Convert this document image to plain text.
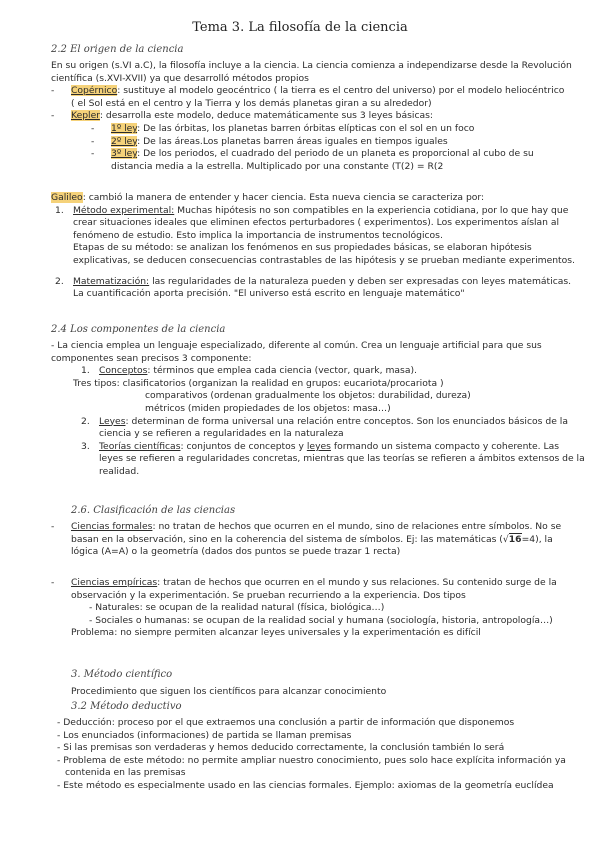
Tema 3. La filosofía de la ciencia
2.2 El origen de la ciencia
En su origen (s.VI a.C), la filosofía incluye a la ciencia. La ciencia comienza a independizarse desde la Revolución
científica (s.XVI-XVII) ya que desarrolló métodos propios
- Copérnico: sustituye al modelo geocéntrico ( la tierra es el centro del universo) por el modelo heliocéntrico
( el Sol está en el centro y la Tierra y los demás planetas giran a su alrededor)
- Kepler: desarrolla este modelo, deduce matemáticamente sus 3 leyes básicas:
- 1º ley: De las órbitas, los planetas barren órbitas elípticas con el sol en un foco
- 2º ley: De las áreas.Los planetas barren áreas iguales en tiempos iguales
- 3º ley: De los periodos, el cuadrado del periodo de un planeta es proporcional al cubo de su
distancia media a la estrella. Multiplicado por una constante (T(2) = R(2
Galileo: cambió la manera de entender y hacer ciencia. Esta nueva ciencia se caracteriza por:
1. Método experimental: Muchas hipótesis no son compatibles en la experiencia cotidiana, por lo que hay que
crear situaciones ideales que eliminen efectos perturbadores ( experimentos). Los experimentos aíslan al
fenómeno de estudio. Esto implica la importancia de instrumentos tecnológicos.
Etapas de su método: se analizan los fenómenos en sus propiedades básicas, se elaboran hipótesis
explicativas, se deducen consecuencias contrastables de las hipótesis y se prueban mediante experimentos.
2. Matematización: las regularidades de la naturaleza pueden y deben ser expresadas con leyes matemáticas.
La cuantificación aporta precisión. "El universo está escrito en lenguaje matemático"
2.4 Los componentes de la ciencia
- La ciencia emplea un lenguaje especializado, diferente al común. Crea un lenguaje artificial para que sus
componentes sean precisos 3 componente:
1. Conceptos: términos que emplea cada ciencia (vector, quark, masa).
Tres tipos: clasificatorios (organizan la realidad en grupos: eucariota/procariota )
comparativos (ordenan gradualmente los objetos: durabilidad, dureza)
métricos (miden propiedades de los objetos: masa…)
2. Leyes: determinan de forma universal una relación entre conceptos. Son los enunciados básicos de la
ciencia y se refieren a regularidades en la naturaleza
3. Teorías científicas: conjuntos de conceptos y leyes formando un sistema compacto y coherente. Las
leyes se refieren a regularidades concretas, mientras que las teorías se refieren a ámbitos extensos de la
realidad.
2.6. Clasificación de las ciencias
- Ciencias formales: no tratan de hechos que ocurren en el mundo, sino de relaciones entre símbolos. No se
basan en la observación, sino en la coherencia del sistema de símbolos. Ej: las matemáticas (√16=4), la
lógica (A=A) o la geometría (dados dos puntos se puede trazar 1 recta)
- Ciencias empíricas: tratan de hechos que ocurren en el mundo y sus relaciones. Su contenido surge de la
observación y la experimentación. Se prueban recurriendo a la experiencia. Dos tipos
- Naturales: se ocupan de la realidad natural (física, biológica…)
- Sociales o humanas: se ocupan de la realidad social y humana (sociología, historia, antropología…)
Problema: no siempre permiten alcanzar leyes universales y la experimentación es difícil
3. Método científico
Procedimiento que siguen los científicos para alcanzar conocimiento
3.2 Método deductivo
- Deducción: proceso por el que extraemos una conclusión a partir de información que disponemos
- Los enunciados (informaciones) de partida se llaman premisas
- Si las premisas son verdaderas y hemos deducido correctamente, la conclusión también lo será
- Problema de este método: no permite ampliar nuestro conocimiento, pues solo hace explícita información ya
contenida en las premisas
- Este método es especialmente usado en las ciencias formales. Ejemplo: axiomas de la geometría euclídea
